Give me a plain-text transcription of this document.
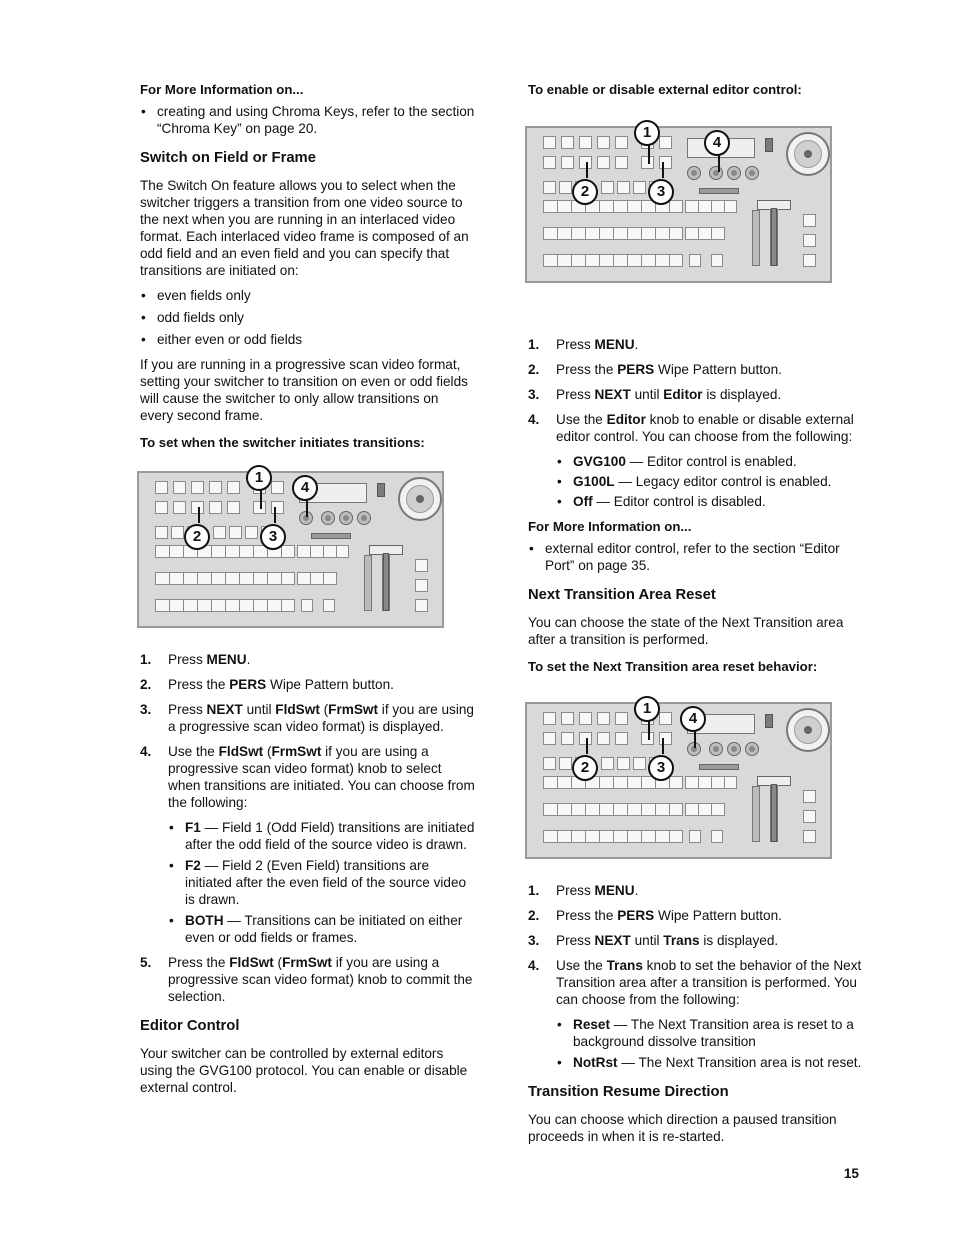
For More Information on...
• creating and using Chroma Keys, refer to the section “Chroma Key” on page 20.
Switch on Field or Frame

The Switch On feature allows you to select when the switcher triggers a transition from one video source to the next when you are running in an interlaced video format. Each interlaced video frame is composed of an odd field and an even field and you can specify that transitions are initiated on:

• even fields only
• odd fields only
• either even or odd fields

If you are running in a progressive scan video format, setting your switcher to transition on even or odd fields will cause the switcher to only allow transitions on every second frame.

To set when the switcher initiates transitions:
1
4
2	3
1. Press MENU.
2. Press the PERS Wipe Pattern button.
3. Press NEXT until FldSwt (FrmSwt if you are using a progressive scan video format) is displayed.
4. Use the FldSwt (FrmSwt if you are using a progressive scan video format) knob to select when transitions are initiated. You can choose from the following:
• F1 — Field 1 (Odd Field) transitions are initiated after the odd field of the source video is drawn.
• F2 — Field 2 (Even Field) transitions are initiated after the even field of the source video is drawn.
• BOTH — Transitions can be initiated on either even or odd fields or frames.
5. Press the FldSwt (FrmSwt if you are using a progressive scan video format) knob to commit the selection.
Editor Control

Your switcher can be controlled by external editors using the GVG100 protocol. You can enable or disable external control.

To enable or disable external editor control:
1
4
2	3
1. Press MENU.
2. Press the PERS Wipe Pattern button.
3. Press NEXT until Editor is displayed.
4. Use the Editor knob to enable or disable external editor control. You can choose from the following:
• GVG100 — Editor control is enabled.
• G100L — Legacy editor control is enabled.
• Off — Editor control is disabled.
For More Information on...
• external editor control, refer to the section “Editor Port” on page 35.
Next Transition Area Reset

You can choose the state of the Next Transition area after a transition is performed.

To set the Next Transition area reset behavior:
1
4
2	3
1. Press MENU.
2. Press the PERS Wipe Pattern button.
3. Press NEXT until Trans is displayed.
4. Use the Trans knob to set the behavior of the Next Transition area after a transition is performed. You can choose from the following:
• Reset — The Next Transition area is reset to a background dissolve transition
• NotRst — The Next Transition area is not reset.
Transition Resume Direction

You can choose which direction a paused transition proceeds in when it is re-started.

15
